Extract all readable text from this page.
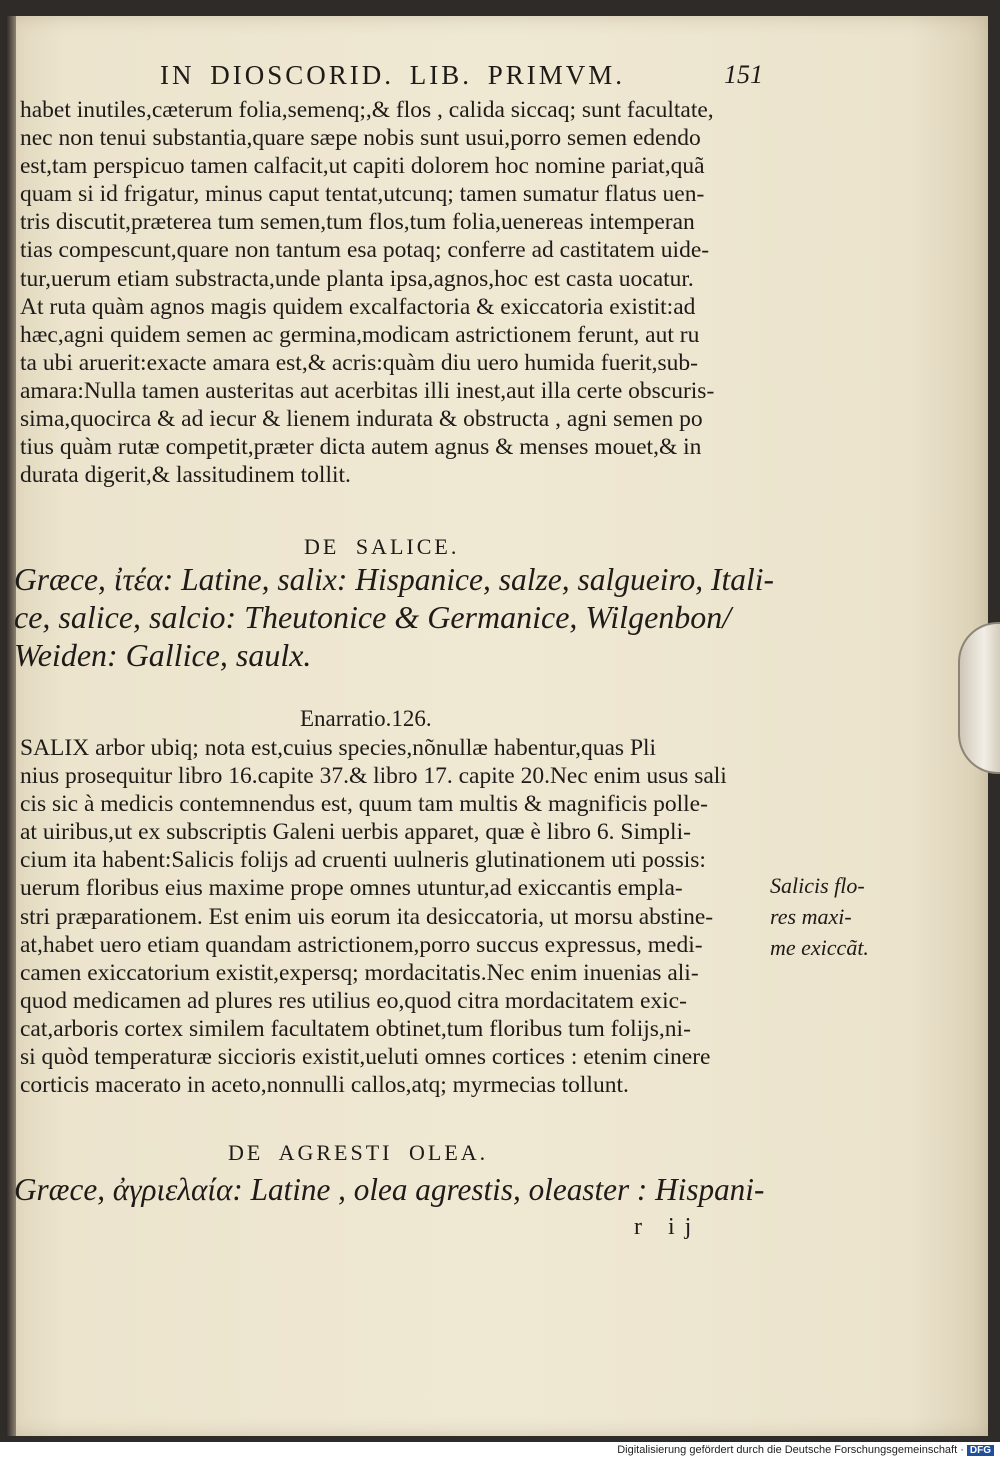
IN DIOSCORID. LIB. PRIMVM.	151
habet inutiles,cæterum folia,semenq;,& flos , calida siccaq; sunt facultate,
nec non tenui substantia,quare sæpe nobis sunt usui,porro semen edendo
est,tam perspicuo tamen calfacit,ut capiti dolorem hoc nomine pariat,quã
quam si id frigatur, minus caput tentat,utcunq; tamen sumatur flatus uen-
tris discutit,præterea tum semen,tum flos,tum folia,uenereas intemperan
tias compescunt,quare non tantum esa potaq; conferre ad castitatem uide-
tur,uerum etiam substracta,unde planta ipsa,agnos,hoc est casta uocatur.
At ruta quàm agnos magis quidem excalfactoria & exiccatoria existit:ad
hæc,agni quidem semen ac germina,modicam astrictionem ferunt, aut ru
ta ubi aruerit:exacte amara est,& acris:quàm diu uero humida fuerit,sub-
amara:Nulla tamen austeritas aut acerbitas illi inest,aut illa certe obscuris-
sima,quocirca & ad iecur & lienem indurata & obstructa , agni semen po
tius quàm rutæ competit,præter dicta autem agnus & menses mouet,& in
durata digerit,& lassitudinem tollit.
DE SALICE.
Græce, ἰτέα: Latine, salix: Hispanice, salze, salgueiro, Itali-
ce, salice, salcio: Theutonice & Germanice, Wilgenbon/
Weiden: Gallice, saulx.
Enarratio.126.
SALIX arbor ubiq; nota est,cuius species,nõnullæ habentur,quas Pli
nius prosequitur libro 16.capite 37.& libro 17. capite 20.Nec enim usus sali
cis sic à medicis contemnendus est, quum tam multis & magnificis polle-
at uiribus,ut ex subscriptis Galeni uerbis apparet, quæ è libro 6. Simpli-
cium ita habent:Salicis folijs ad cruenti uulneris glutinationem uti possis:
uerum floribus eius maxime prope omnes utuntur,ad exiccantis empla-
stri præparationem. Est enim uis eorum ita desiccatoria, ut morsu abstine-
at,habet uero etiam quandam astrictionem,porro succus expressus, medi-
camen exiccatorium existit,expersq; mordacitatis.Nec enim inuenias ali-
quod medicamen ad plures res utilius eo,quod citra mordacitatem exic-
cat,arboris cortex similem facultatem obtinet,tum floribus tum folijs,ni-
si quòd temperaturæ siccioris existit,ueluti omnes cortices : etenim cinere
corticis macerato in aceto,nonnulli callos,atq; myrmecias tollunt.
Salicis flo-
res maxi-
me exiccãt.
DE AGRESTI OLEA.
Græce, ἀγριελαία: Latine , olea agrestis, oleaster : Hispani-
r ij
Digitalisierung gefördert durch die Deutsche Forschungsgemeinschaft · DFG
